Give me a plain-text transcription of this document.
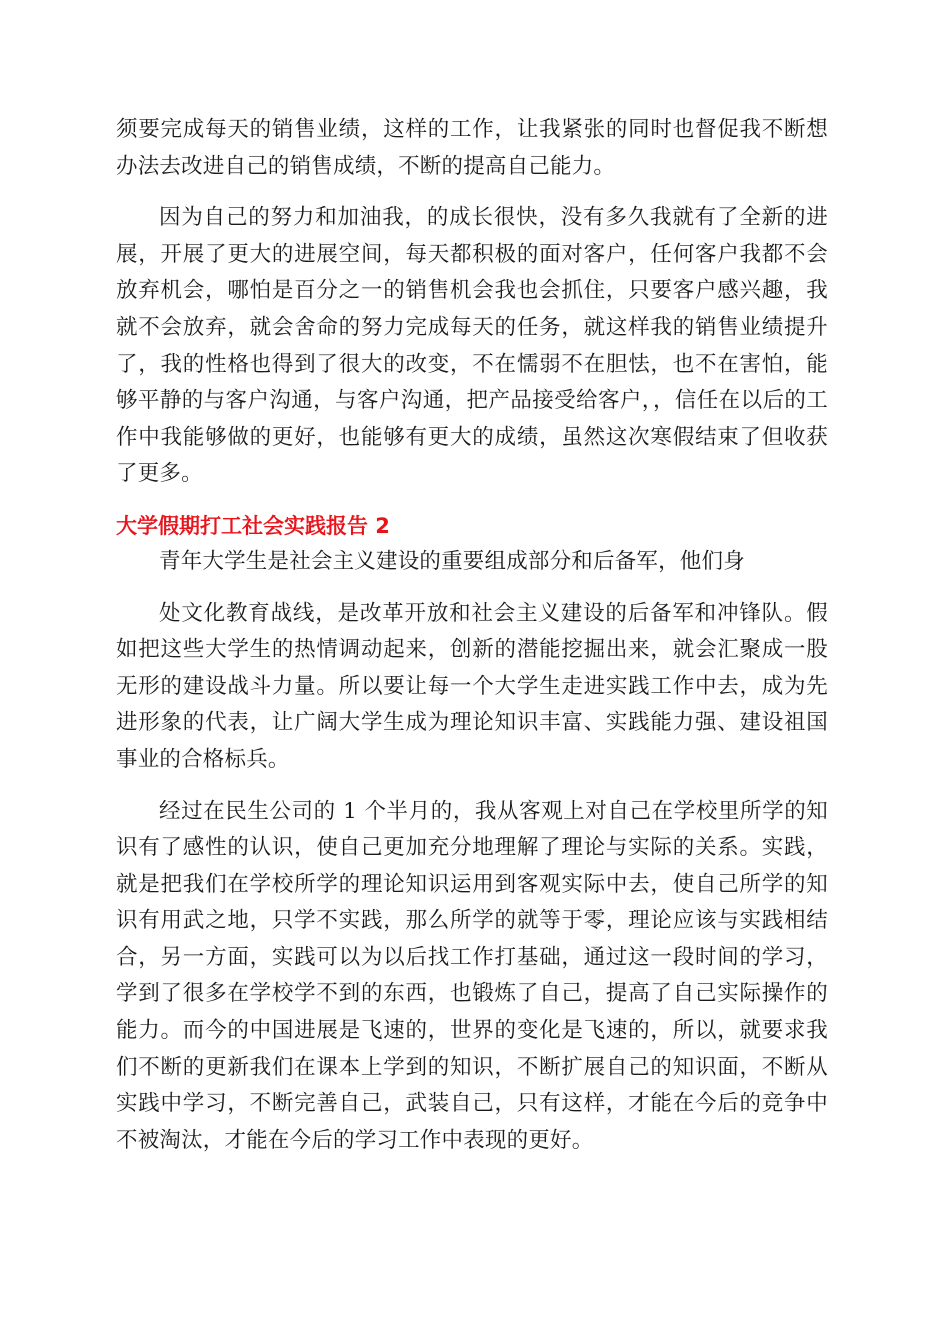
须要完成每天的销售业绩，这样的工作，让我紧张的同时也督促我不断想办法去改进自己的销售成绩，不断的提高自己能力。

因为自己的努力和加油我，的成长很快，没有多久我就有了全新的进展，开展了更大的进展空间，每天都积极的面对客户，任何客户我都不会放弃机会，哪怕是百分之一的销售机会我也会抓住，只要客户感兴趣，我就不会放弃，就会舍命的努力完成每天的任务，就这样我的销售业绩提升了，我的性格也得到了很大的改变，不在懦弱不在胆怯，也不在害怕，能够平静的与客户沟通，与客户沟通，把产品接受给客户，，信任在以后的工作中我能够做的更好，也能够有更大的成绩，虽然这次寒假结束了但收获了更多。

大学假期打工社会实践报告 2

青年大学生是社会主义建设的重要组成部分和后备军，他们身

处文化教育战线，是改革开放和社会主义建设的后备军和冲锋队。假如把这些大学生的热情调动起来，创新的潜能挖掘出来，就会汇聚成一股无形的建设战斗力量。所以要让每一个大学生走进实践工作中去，成为先进形象的代表，让广阔大学生成为理论知识丰富、实践能力强、建设祖国事业的合格标兵。

经过在民生公司的 1 个半月的，我从客观上对自己在学校里所学的知识有了感性的认识，使自己更加充分地理解了理论与实际的关系。实践，就是把我们在学校所学的理论知识运用到客观实际中去，使自己所学的知识有用武之地，只学不实践，那么所学的就等于零，理论应该与实践相结合，另一方面，实践可以为以后找工作打基础，通过这一段时间的学习，学到了很多在学校学不到的东西，也锻炼了自己，提高了自己实际操作的能力。而今的中国进展是飞速的，世界的变化是飞速的，所以，就要求我们不断的更新我们在课本上学到的知识，不断扩展自己的知识面，不断从实践中学习，不断完善自己，武装自己，只有这样，才能在今后的竞争中不被淘汰，才能在今后的学习工作中表现的更好。
